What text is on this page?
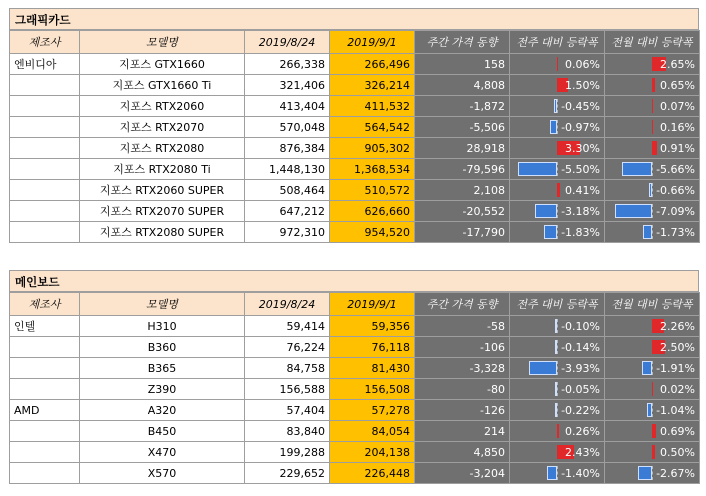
그래픽카드
제조사	모델명	2019/8/24	2019/9/1	주간 가격 동향	전주 대비 등락폭	전월 대비 등락폭
엔비디아	지포스 GTX1660	266,338	266,496	158	0.06%	2.65%
	지포스 GTX1660 Ti	321,406	326,214	4,808	1.50%	0.65%
	지포스 RTX2060	413,404	411,532	-1,872	-0.45%	0.07%
	지포스 RTX2070	570,048	564,542	-5,506	-0.97%	0.16%
	지포스 RTX2080	876,384	905,302	28,918	3.30%	0.91%
	지포스 RTX2080 Ti	1,448,130	1,368,534	-79,596	-5.50%	-5.66%
	지포스 RTX2060 SUPER	508,464	510,572	2,108	0.41%	-0.66%
	지포스 RTX2070 SUPER	647,212	626,660	-20,552	-3.18%	-7.09%
	지포스 RTX2080 SUPER	972,310	954,520	-17,790	-1.83%	-1.73%
메인보드
제조사	모델명	2019/8/24	2019/9/1	주간 가격 동향	전주 대비 등락폭	전월 대비 등락폭
인텔	H310	59,414	59,356	-58	-0.10%	2.26%
	B360	76,224	76,118	-106	-0.14%	2.50%
	B365	84,758	81,430	-3,328	-3.93%	-1.91%
	Z390	156,588	156,508	-80	-0.05%	0.02%
AMD	A320	57,404	57,278	-126	-0.22%	-1.04%
	B450	83,840	84,054	214	0.26%	0.69%
	X470	199,288	204,138	4,850	2.43%	0.50%
	X570	229,652	226,448	-3,204	-1.40%	-2.67%
